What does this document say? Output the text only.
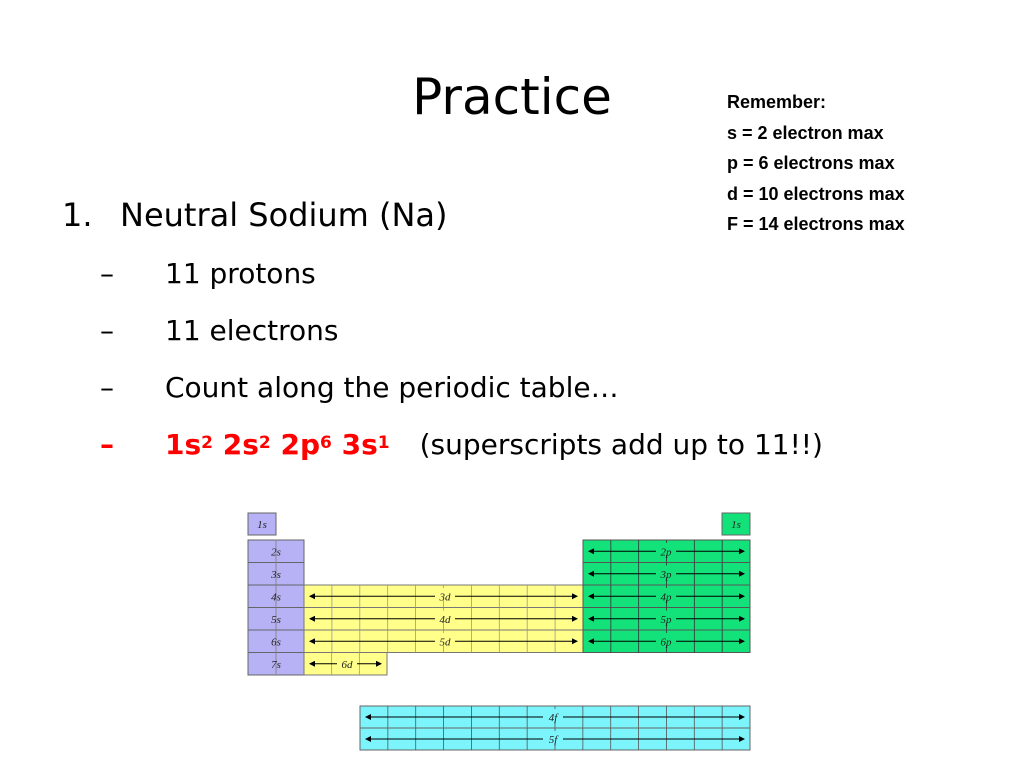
Practice	Remember:
s = 2 electron max
p = 6 electrons max
d = 10 electrons max
F = 14 electrons max
1. Neutral Sodium (Na)
– 11 protons
– 11 electrons
– Count along the periodic table…
– $1s^2$ $2s^2$ $2p^6$ $3s^1$ (superscripts add up to 11!!)
1s	1s
2s
3s
4s
5s
6s
7s
3d
4d
5d
6d
2p
3p
4p
5p
6p
4f
5f
